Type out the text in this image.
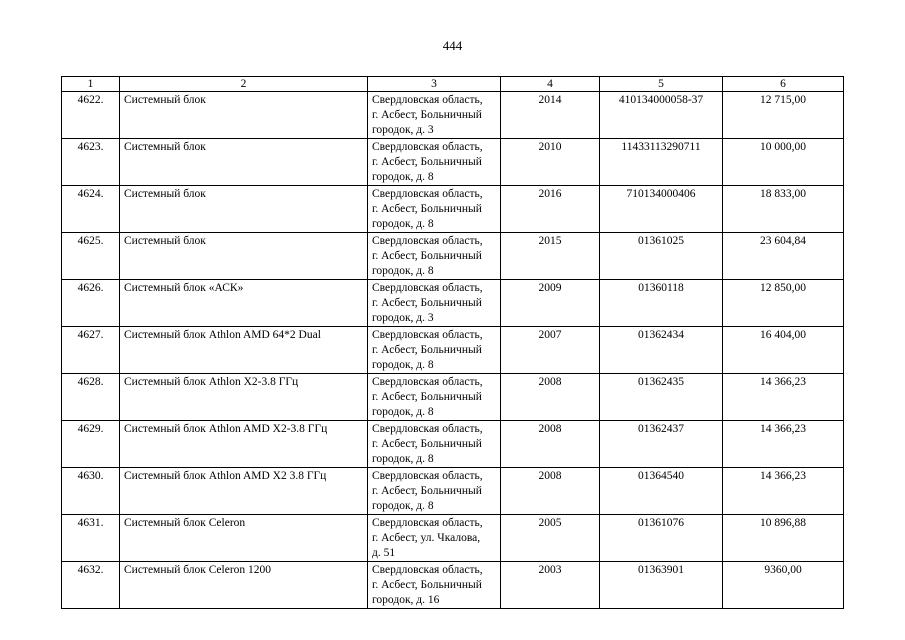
444
1	2	3	4	5	6
4622.	Системный блок	Свердловская область,
г. Асбест, Больничный
городок, д. 3	2014	410134000058-37	12 715,00
4623.	Системный блок	Свердловская область,
г. Асбест, Больничный
городок, д. 8	2010	11433113290711	10 000,00
4624.	Системный блок	Свердловская область,
г. Асбест, Больничный
городок, д. 8	2016	710134000406	18 833,00
4625.	Системный блок	Свердловская область,
г. Асбест, Больничный
городок, д. 8	2015	01361025	23 604,84
4626.	Системный блок «АСК»	Свердловская область,
г. Асбест, Больничный
городок, д. 3	2009	01360118	12 850,00
4627.	Системный блок Athlon AMD 64*2 Dual	Свердловская область,
г. Асбест, Больничный
городок, д. 8	2007	01362434	16 404,00
4628.	Системный блок Athlon X2-3.8 ГГц	Свердловская область,
г. Асбест, Больничный
городок, д. 8	2008	01362435	14 366,23
4629.	Системный блок Athlon AMD X2-3.8 ГГц	Свердловская область,
г. Асбест, Больничный
городок, д. 8	2008	01362437	14 366,23
4630.	Системный блок Athlon AMD X2 3.8 ГГц	Свердловская область,
г. Асбест, Больничный
городок, д. 8	2008	01364540	14 366,23
4631.	Системный блок Celeron	Свердловская область,
г. Асбест, ул. Чкалова,
д. 51	2005	01361076	10 896,88
4632.	Системный блок Celeron 1200	Свердловская область,
г. Асбест, Больничный
городок, д. 16	2003	01363901	9360,00
